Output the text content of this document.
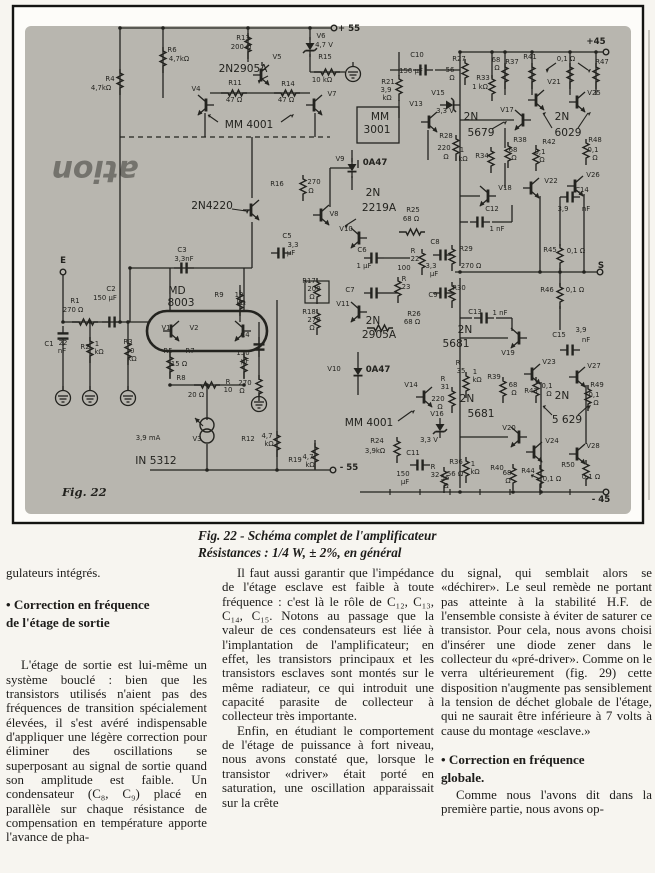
ation
+ 55
R4
4,7kΩ
R6
4,7kΩ
R13
200 Ω
V5
2N2905A
R11
47 Ω
R14
47 Ω
V4
V7
MM 4001
V6
4,7 V
R15
10 kΩ
C10
150 µF
R21
3,9
kΩ
MM
3001
V13
V15
3,3 V
R27
56
Ω	R33
1 kΩ
68
Ω
R37
R41	0,1 Ω	R47
+45
V21
V25
2N
5679
V17
2N
6029
R28
220
Ω
1
kΩ R34
R38
68
Ω
R42
0,1
Ω
R48
0,1
Ω
V18
V22
V26
C12
1 nF
C14
3,9 nF
V9 0A47
R16	270
Ω
V8
2N
2219A R25
68 Ω
V10
2N4220
C3
3,3nF
C5
3,3
µF
E
R1
270 Ω
C2
150 µF
C1 22
nF R2 1
kΩ
R3
10
kΩ
MD
8003
V1	V2
R5 R7
15 Ω
R8
20 Ω
R9 10
kΩ
C4
150
µF
R
10
270
Ω
3,9 mA	V3
IN 5312
R12 4,7
kΩ
R19 4,7
kΩ
Fig. 22
R17
200
Ω
R18
270
Ω
V11
2N
2905A
C7
C6
1 µF
R
22
100
C8
3,3
µF
C9
R
23
R26
68 Ω
R29
270 Ω
R30
R45 0,1 Ω
S
R46 0,1 Ω
V10	0A47
V14
R
31
220
Ω
V16
MM 4001
R24
3,9kΩ
3,3 V
C11
150
µF
R
32 56
Ω
2N
5681
C13 1 nF
V19
R
35 1
kΩ R39
68
Ω R43
0,1
Ω 2N
5 629
R49
0,1
Ω
V23	V27
V20
2N
5681
V24
V28
R36
56 Ω
1
kΩ R40
68
Ω
R44
0,1 Ω
R50
0,1 Ω
C15
3,9
nF
- 45
- 55
Fig. 22 - Schéma complet de l'amplificateur
Résistances : 1/4 W, ± 2%, en général

gulateurs intégrés.

• Correction en fréquence
de l'étage de sortie

L'étage de sortie est lui-même un système bouclé : bien que les transistors utilisés n'aient pas des fréquences de transition spécialement élevées, il s'est avéré indispensable d'appliquer une légère correction pour éliminer des oscillations se superposant au signal de sortie quand son amplitude est faible. Un condensateur (C₈, C₉) placé en parallèle sur chaque résistance de compensation en température apporte l'avance de pha-

Il faut aussi garantir que l'impédance de l'étage esclave est faible à toute fréquence : c'est là le rôle de C₁₂, C₁₃, C₁₄, C₁₅. Notons au passage que la valeur de ces condensateurs est liée à l'implantation de l'amplificateur; en effet, les transistors principaux et les transistors esclaves sont montés sur le même radiateur, ce qui introduit une capacité parasite de collecteur à collecteur très importante.

Enfin, en étudiant le comportement de l'étage de puissance à fort niveau, nous avons constaté que, lorsque le transistor «driver» était porté en saturation, une oscillation apparaissait sur la crête

du signal, qui semblait alors se «déchirer». Le seul remède ne portant pas atteinte à la stabilité H.F. de l'ensemble consiste à éviter de saturer ce transistor. Pour cela, nous avons choisi d'insérer une diode zener dans le collecteur du «pré-driver». Comme on le verra ultérieurement (fig. 29) cette disposition n'augmente pas sensiblement la tension de déchet globale de l'étage, qui ne saurait être inférieure à 7 volts à cause du montage «esclave.»

• Correction en fréquence
globale.

Comme nous l'avons dit dans la première partie, nous avons op-
